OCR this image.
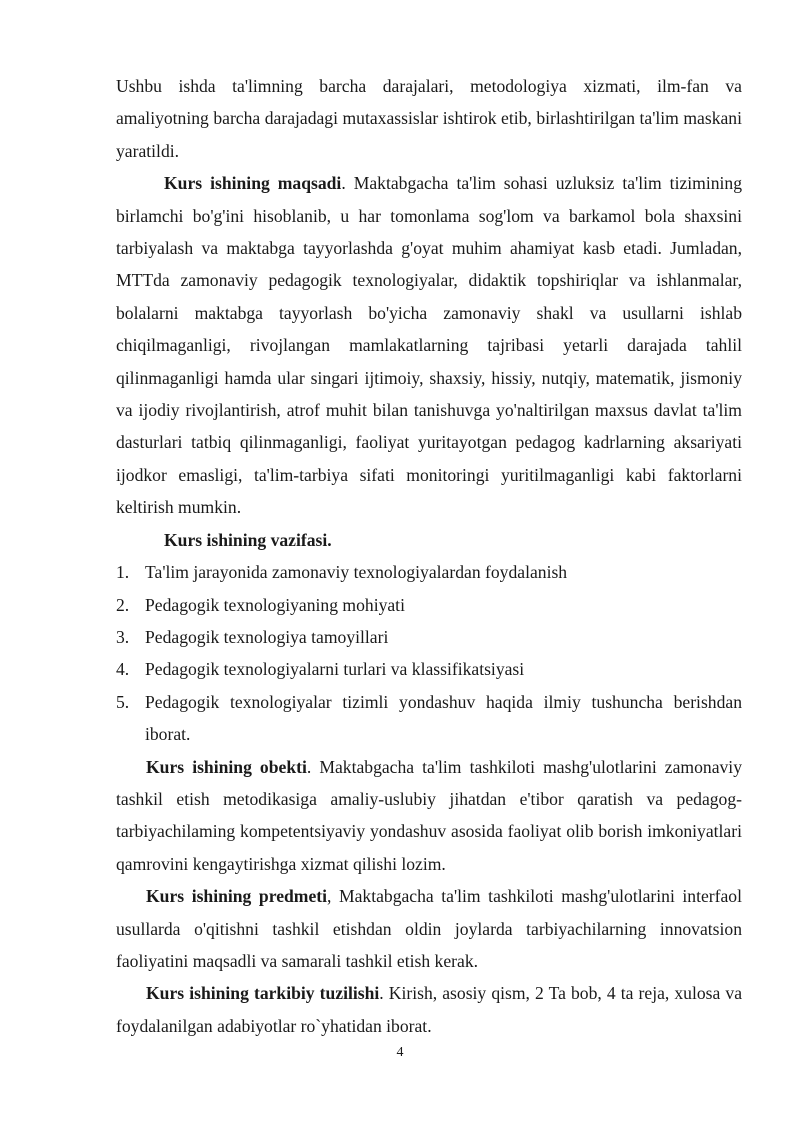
Ushbu ishda ta'limning barcha darajalari, metodologiya xizmati, ilm-fan va amaliyotning barcha darajadagi mutaxassislar ishtirok etib, birlashtirilgan ta'lim maskani yaratildi.

Kurs ishining maqsadi. Maktabgacha ta'lim sohasi uzluksiz ta'lim tizimining birlamchi bo'g'ini hisoblanib, u har tomonlama sog'lom va barkamol bola shaxsini tarbiyalash va maktabga tayyorlashda g'oyat muhim ahamiyat kasb etadi. Jumladan, MTTda zamonaviy pedagogik texnologiyalar, didaktik topshiriqlar va ishlanmalar, bolalarni maktabga tayyorlash bo'yicha zamonaviy shakl va usullarni ishlab chiqilmaganligi, rivojlangan mamlakatlarning tajribasi yetarli darajada tahlil qilinmaganligi hamda ular singari ijtimoiy, shaxsiy, hissiy, nutqiy, matematik, jismoniy va ijodiy rivojlantirish, atrof muhit bilan tanishuvga yo'naltirilgan maxsus davlat ta'lim dasturlari tatbiq qilinmaganligi, faoliyat yuritayotgan pedagog kadrlarning aksariyati ijodkor emasligi, ta'lim-tarbiya sifati monitoringi yuritilmaganligi kabi faktorlarni keltirish mumkin.

Kurs ishining vazifasi.

1. Ta'lim jarayonida zamonaviy texnologiyalardan foydalanish
2. Pedagogik texnologiyaning mohiyati
3. Pedagogik texnologiya tamoyillari
4. Pedagogik texnologiyalarni turlari va klassifikatsiyasi
5. Pedagogik texnologiyalar tizimli yondashuv haqida ilmiy tushuncha berishdan iborat.

Kurs ishining obekti. Maktabgacha ta'lim tashkiloti mashg'ulotlarini zamonaviy tashkil etish metodikasiga amaliy-uslubiy jihatdan e'tibor qaratish va pedagog-tarbiyachilaming kompetentsiyaviy yondashuv asosida faoliyat olib borish imkoniyatlari qamrovini kengaytirishga xizmat qilishi lozim.

Kurs ishining predmeti, Maktabgacha ta'lim tashkiloti mashg'ulotlarini interfaol usullarda o'qitishni tashkil etishdan oldin joylarda tarbiyachilarning innovatsion faoliyatini maqsadli va samarali tashkil etish kerak.

Kurs ishining tarkibiy tuzilishi. Kirish, asosiy qism, 2 Ta bob, 4 ta reja, xulosa va foydalanilgan adabiyotlar ro`yhatidan iborat.

4
